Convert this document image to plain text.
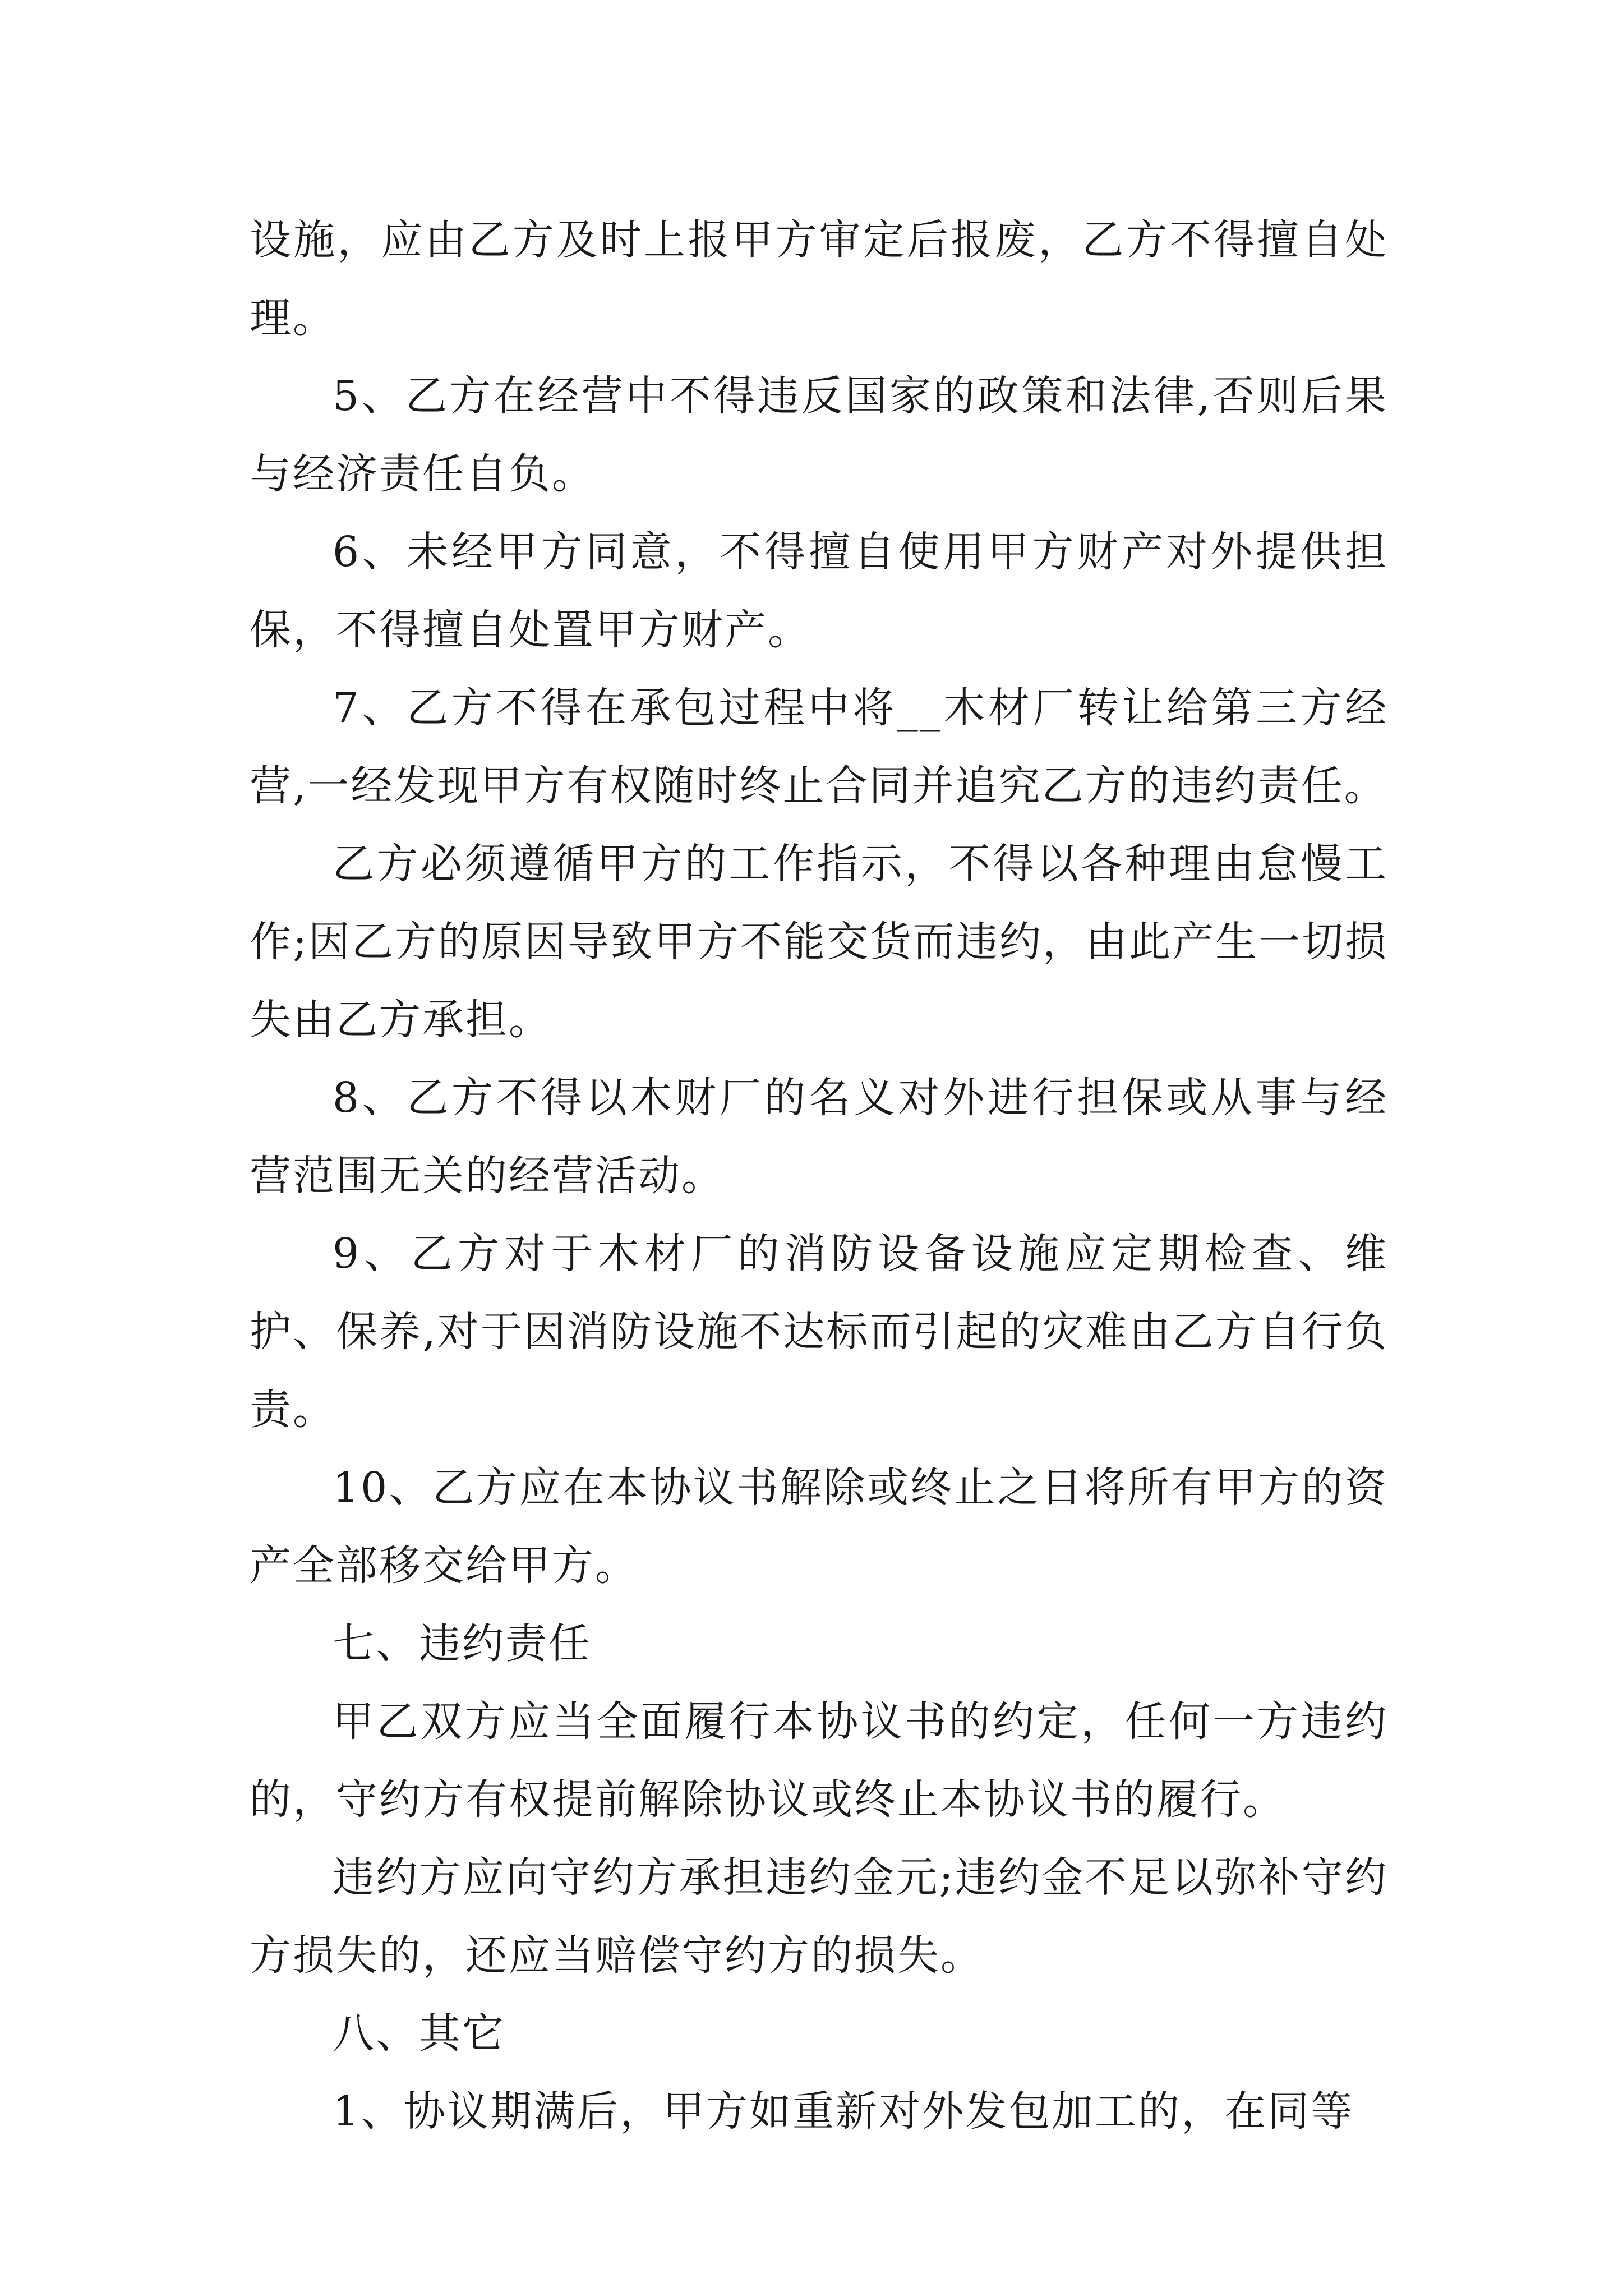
设施，应由乙方及时上报甲方审定后报废，乙方不得擅自处理。

5、乙方在经营中不得违反国家的政策和法律,否则后果与经济责任自负。

6、未经甲方同意，不得擅自使用甲方财产对外提供担保，不得擅自处置甲方财产。

7、乙方不得在承包过程中将__木材厂转让给第三方经营,一经发现甲方有权随时终止合同并追究乙方的违约责任。

乙方必须遵循甲方的工作指示，不得以各种理由怠慢工作;因乙方的原因导致甲方不能交货而违约，由此产生一切损失由乙方承担。

8、乙方不得以木财厂的名义对外进行担保或从事与经营范围无关的经营活动。

9、乙方对于木材厂的消防设备设施应定期检查、维护、保养,对于因消防设施不达标而引起的灾难由乙方自行负责。

10、乙方应在本协议书解除或终止之日将所有甲方的资产全部移交给甲方。

七、违约责任

甲乙双方应当全面履行本协议书的约定，任何一方违约的，守约方有权提前解除协议或终止本协议书的履行。

违约方应向守约方承担违约金元;违约金不足以弥补守约方损失的，还应当赔偿守约方的损失。

八、其它

1、协议期满后，甲方如重新对外发包加工的，在同等
